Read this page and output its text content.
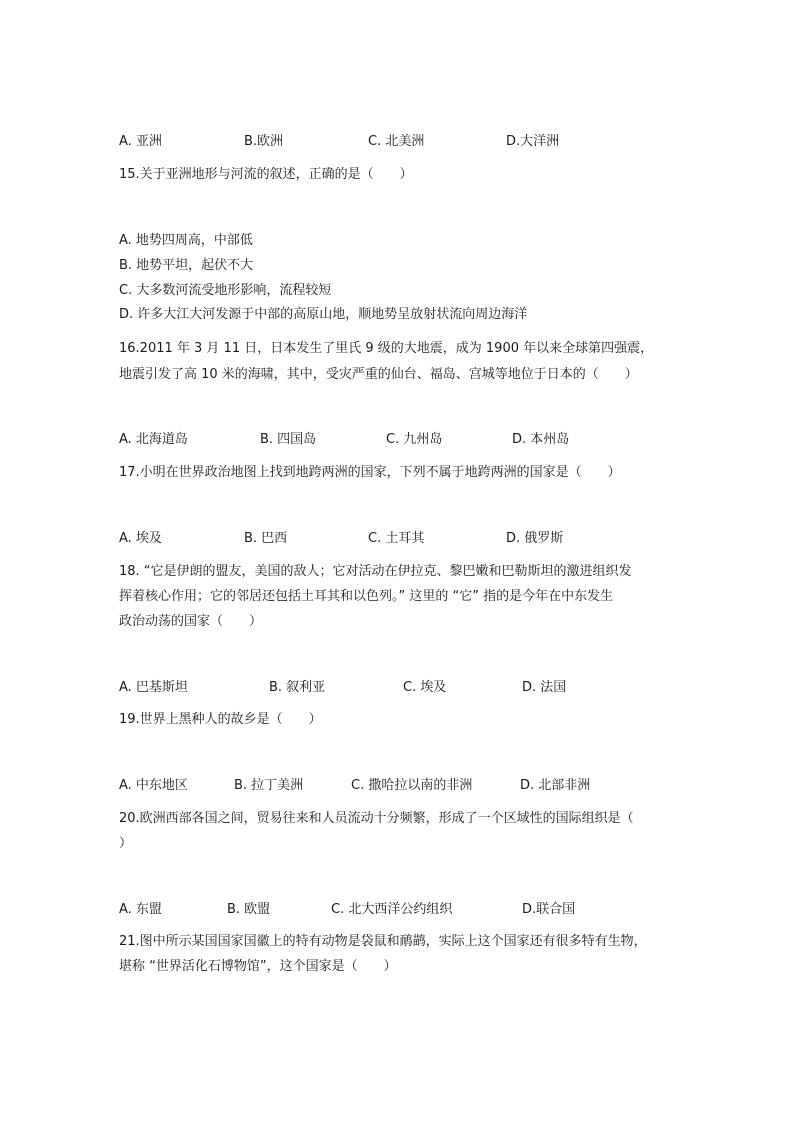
A. 亚洲	B.欧洲	C. 北美洲	D.大洋洲
15.关于亚洲地形与河流的叙述，正确的是（　　）
A. 地势四周高，中部低
B. 地势平坦，起伏不大
C. 大多数河流受地形影响，流程较短
D. 许多大江大河发源于中部的高原山地，顺地势呈放射状流向周边海洋
16.2011 年 3 月 11 日，日本发生了里氏 9 级的大地震，成为 1900 年以来全球第四强震，
地震引发了高 10 米的海啸，其中，受灾严重的仙台、福岛、宫城等地位于日本的（　　）
A. 北海道岛	B. 四国岛	C. 九州岛	D. 本州岛
17.小明在世界政治地图上找到地跨两洲的国家，下列不属于地跨两洲的国家是（　　）
A. 埃及	B. 巴西	C. 土耳其	D. 俄罗斯
18. “它是伊朗的盟友，美国的敌人；它对活动在伊拉克、黎巴嫩和巴勒斯坦的激进组织发
挥着核心作用；它的邻居还包括土耳其和以色列。” 这里的 “它” 指的是今年在中东发生
政治动荡的国家（　　）
A. 巴基斯坦	B. 叙利亚	C. 埃及	D. 法国
19.世界上黑种人的故乡是（　　）
A. 中东地区	B. 拉丁美洲	C. 撒哈拉以南的非洲	D. 北部非洲
20.欧洲西部各国之间，贸易往来和人员流动十分频繁，形成了一个区域性的国际组织是（
）
A. 东盟	B. 欧盟	C. 北大西洋公约组织	D.联合国
21.图中所示某国国家国徽上的特有动物是袋鼠和鸸鹋，实际上这个国家还有很多特有生物，
堪称 “世界活化石博物馆”，这个国家是（　　）
